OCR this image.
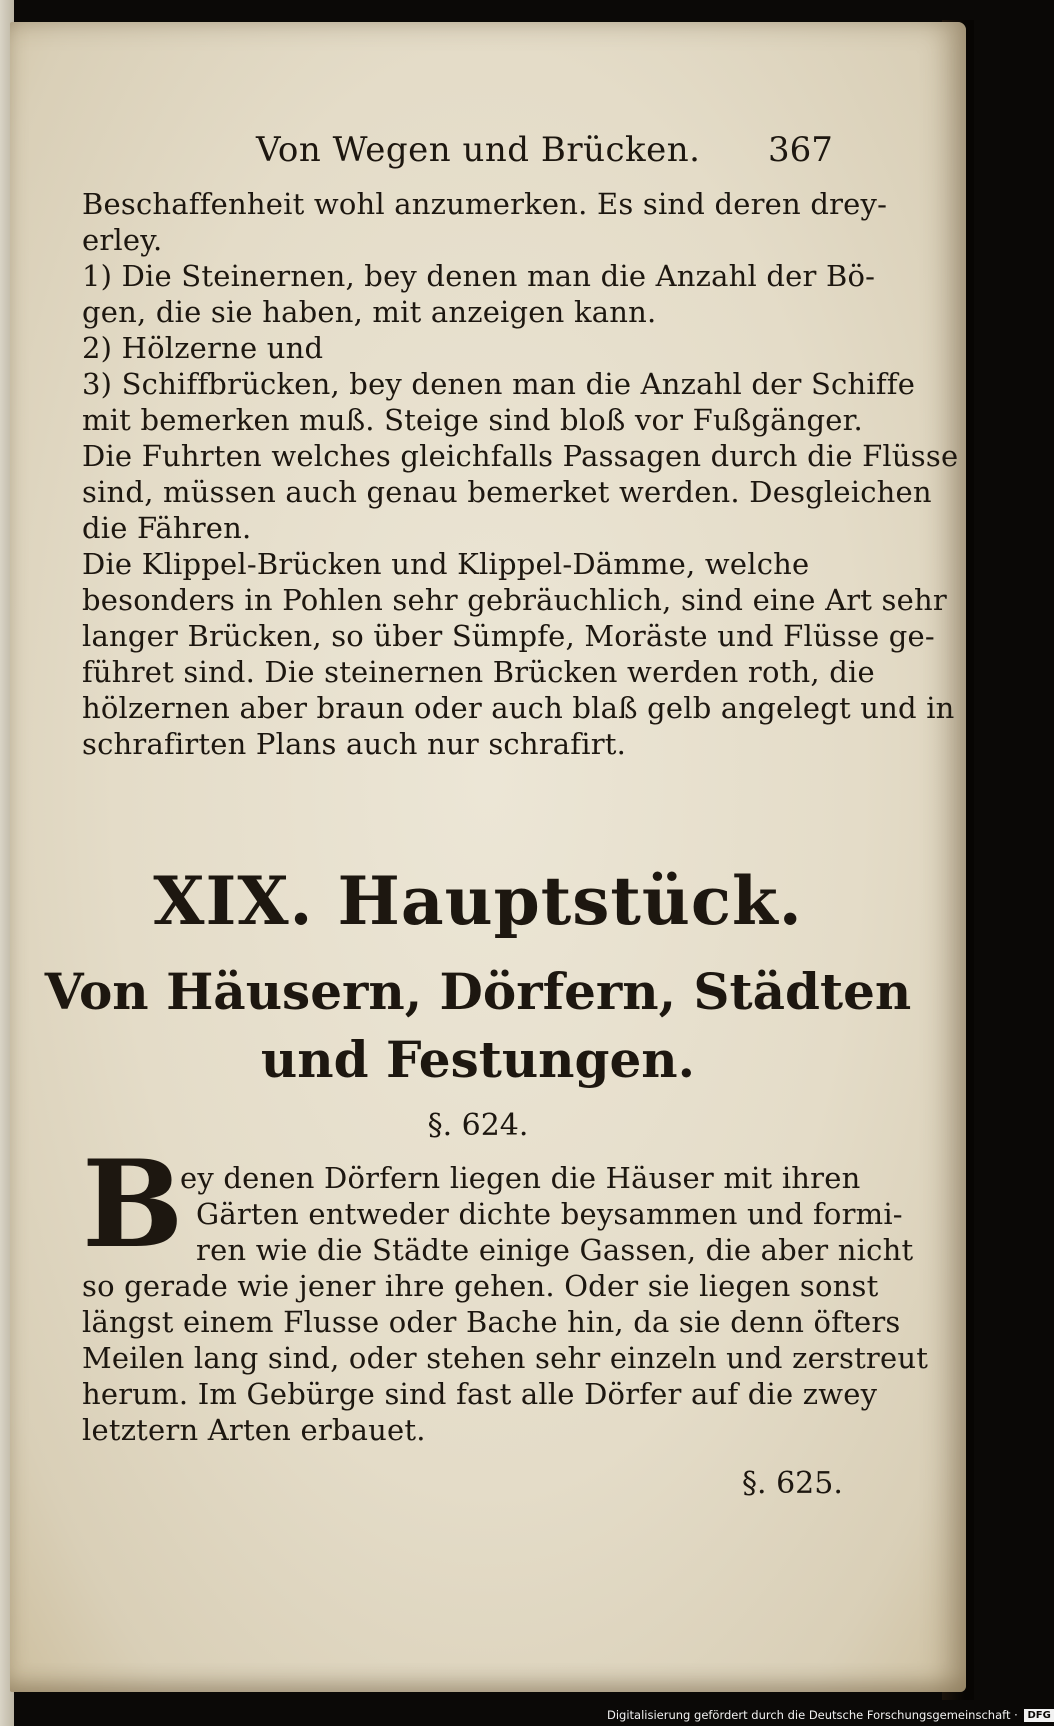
Von Wegen und Brücken. 367
Beschaffenheit wohl anzumerken. Es sind deren drey-
erley.
1) Die Steinernen, bey denen man die Anzahl der Bö-
gen, die sie haben, mit anzeigen kann.
2) Hölzerne und
3) Schiffbrücken, bey denen man die Anzahl der Schiffe
mit bemerken muß. Steige sind bloß vor Fußgänger.
Die Fuhrten welches gleichfalls Passagen durch die Flüsse
sind, müssen auch genau bemerket werden. Desgleichen
die Fähren.
Die Klippel-Brücken und Klippel-Dämme, welche
besonders in Pohlen sehr gebräuchlich, sind eine Art sehr
langer Brücken, so über Sümpfe, Moräste und Flüsse ge-
führet sind. Die steinernen Brücken werden roth, die
hölzernen aber braun oder auch blaß gelb angelegt und in
schrafirten Plans auch nur schrafirt.
XIX. Hauptstück.
Von Häusern, Dörfern, Städten
und Festungen.
§. 624.
B
ey denen Dörfern liegen die Häuser mit ihren
Gärten entweder dichte beysammen und formi-
ren wie die Städte einige Gassen, die aber nicht
so gerade wie jener ihre gehen. Oder sie liegen sonst
längst einem Flusse oder Bache hin, da sie denn öfters
Meilen lang sind, oder stehen sehr einzeln und zerstreut
herum. Im Gebürge sind fast alle Dörfer auf die zwey
letztern Arten erbauet.
§. 625.
Digitalisierung gefördert durch die Deutsche Forschungsgemeinschaft · DFG
